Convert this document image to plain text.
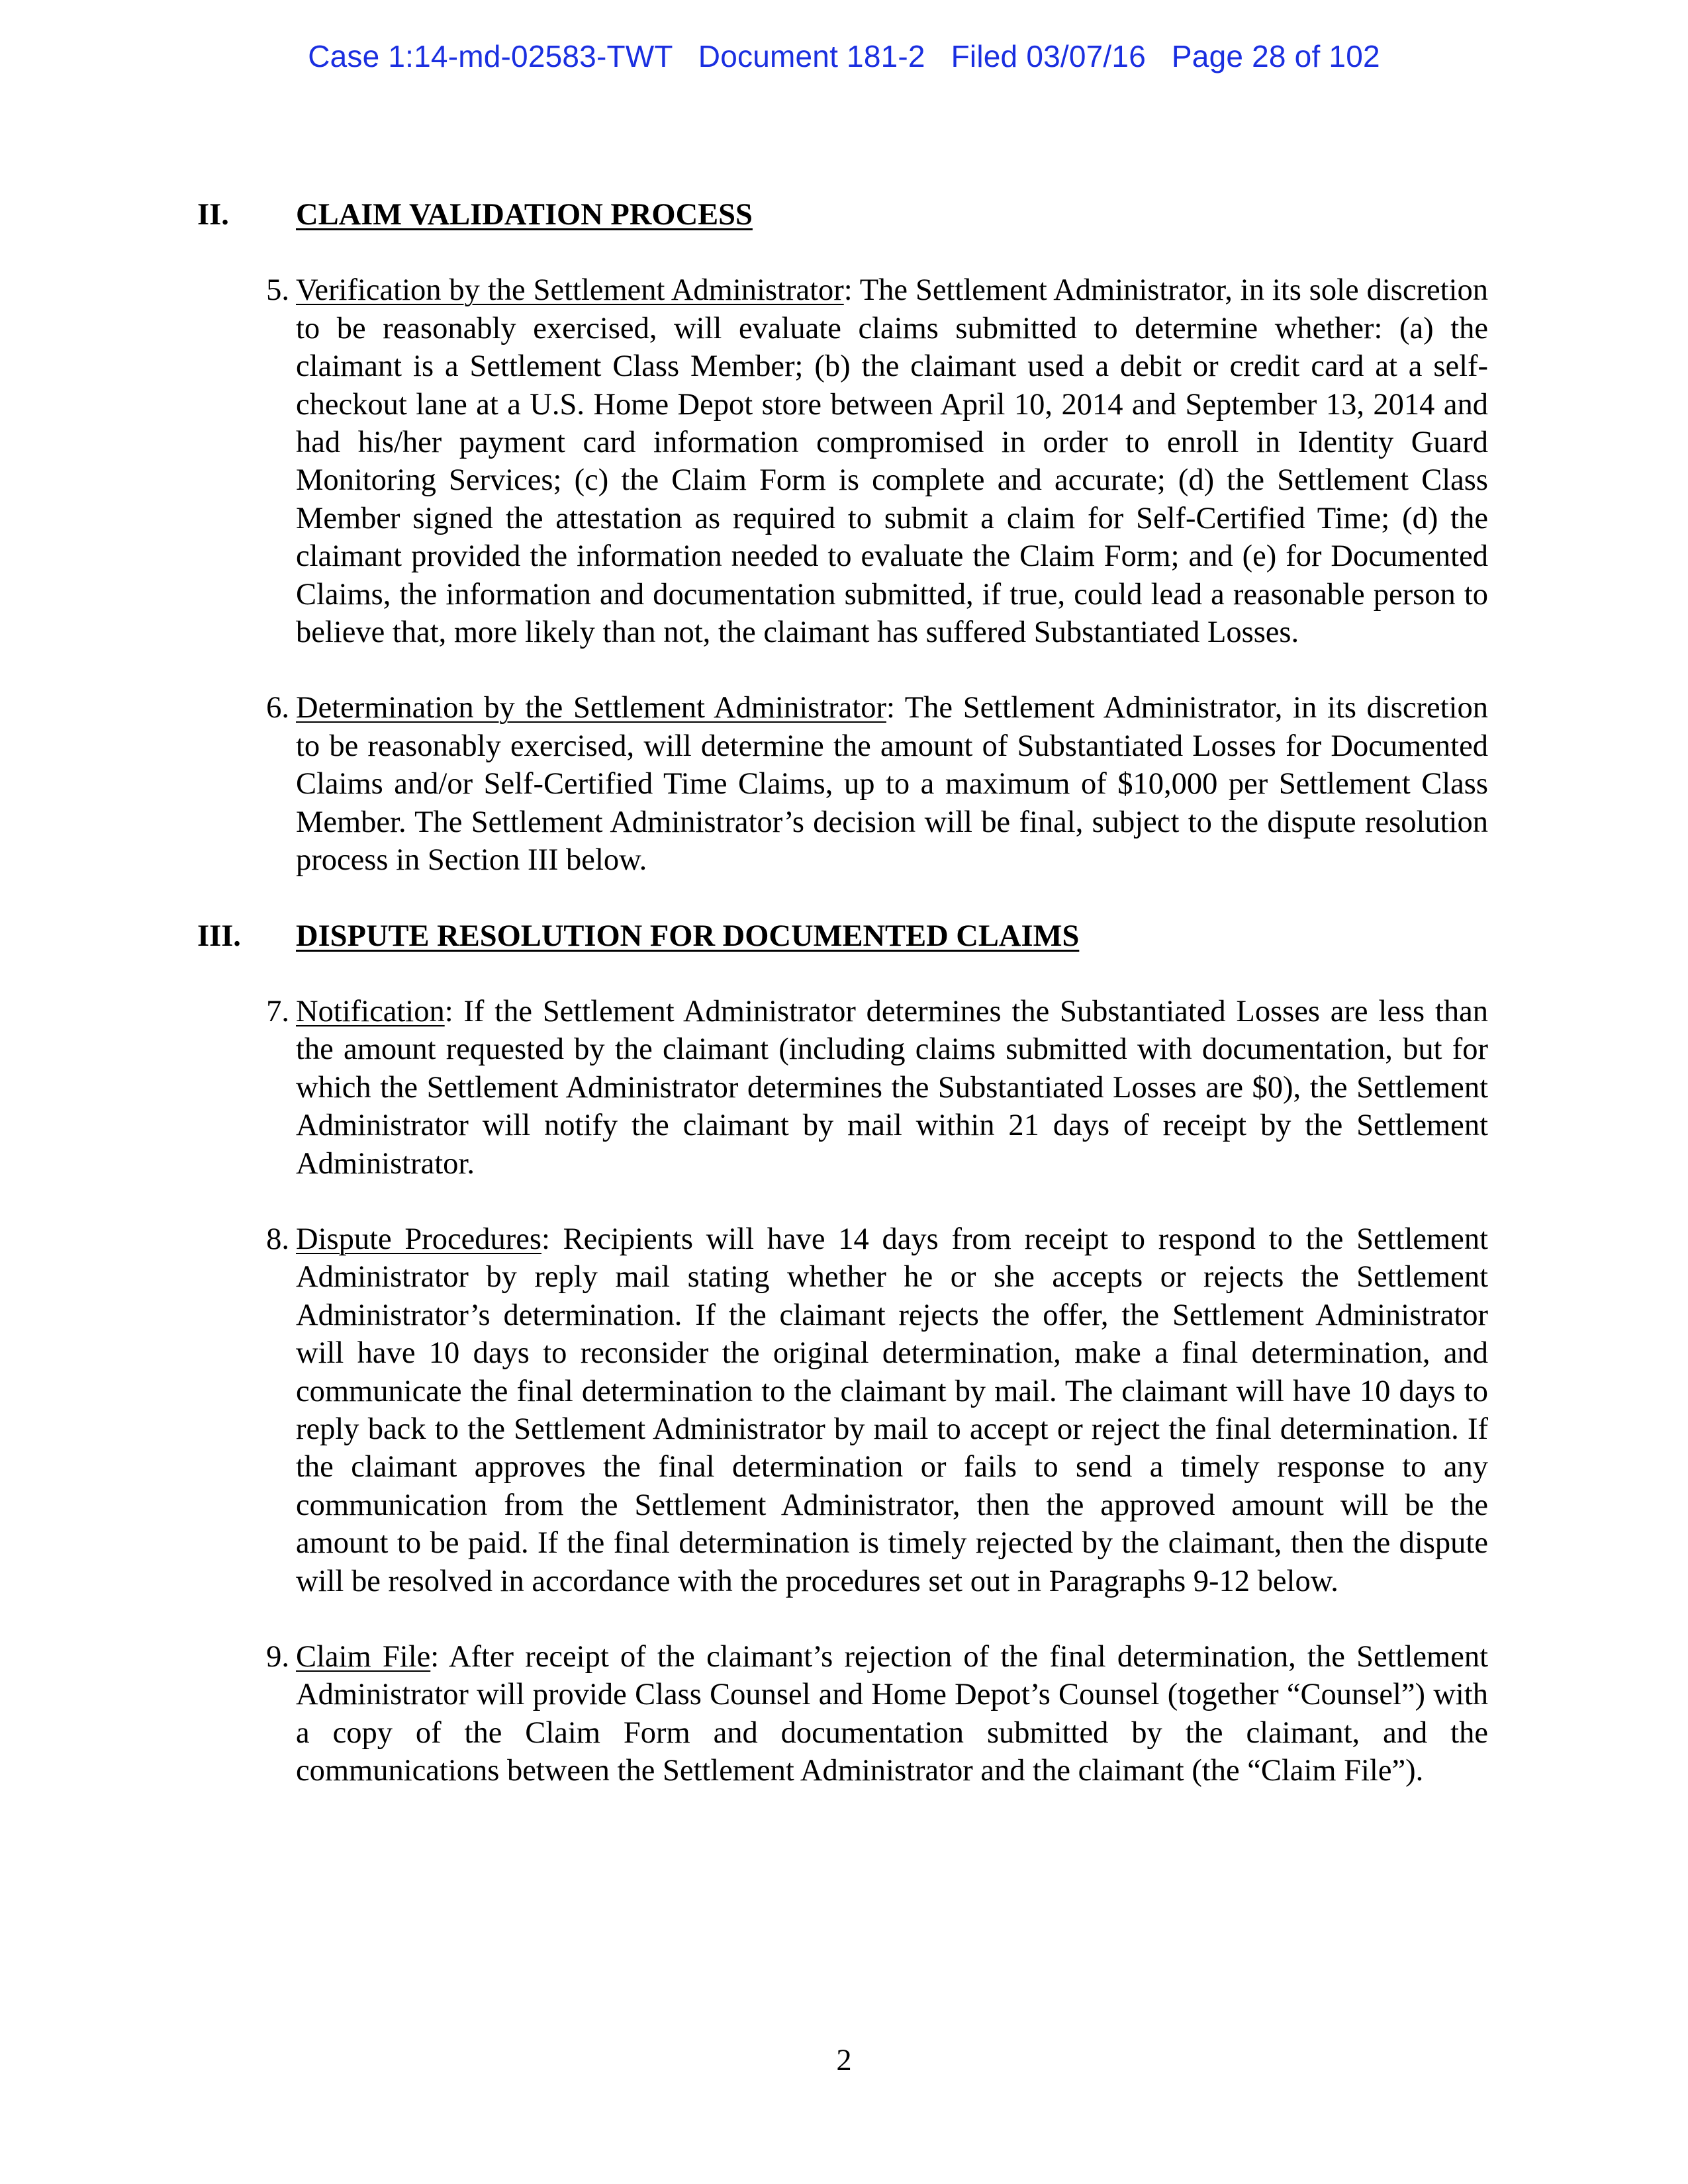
Case 1:14-md-02583-TWT   Document 181-2   Filed 03/07/16   Page 28 of 102
II.	CLAIM VALIDATION PROCESS
5. Verification by the Settlement Administrator: The Settlement Administrator, in its sole discretion to be reasonably exercised, will evaluate claims submitted to determine whether: (a) the claimant is a Settlement Class Member; (b) the claimant used a debit or credit card at a self-checkout lane at a U.S. Home Depot store between April 10, 2014 and September 13, 2014 and had his/her payment card information compromised in order to enroll in Identity Guard Monitoring Services; (c) the Claim Form is complete and accurate; (d) the Settlement Class Member signed the attestation as required to submit a claim for Self-Certified Time; (d) the claimant provided the information needed to evaluate the Claim Form; and (e) for Documented Claims, the information and documentation submitted, if true, could lead a reasonable person to believe that, more likely than not, the claimant has suffered Substantiated Losses.

6. Determination by the Settlement Administrator: The Settlement Administrator, in its discretion to be reasonably exercised, will determine the amount of Substantiated Losses for Documented Claims and/or Self-Certified Time Claims, up to a maximum of $10,000 per Settlement Class Member. The Settlement Administrator’s decision will be final, subject to the dispute resolution process in Section III below.

III.	DISPUTE RESOLUTION FOR DOCUMENTED CLAIMS
7. Notification: If the Settlement Administrator determines the Substantiated Losses are less than the amount requested by the claimant (including claims submitted with documentation, but for which the Settlement Administrator determines the Substantiated Losses are $0), the Settlement Administrator will notify the claimant by mail within 21 days of receipt by the Settlement Administrator.

8. Dispute Procedures: Recipients will have 14 days from receipt to respond to the Settlement Administrator by reply mail stating whether he or she accepts or rejects the Settlement Administrator’s determination. If the claimant rejects the offer, the Settlement Administrator will have 10 days to reconsider the original determination, make a final determination, and communicate the final determination to the claimant by mail. The claimant will have 10 days to reply back to the Settlement Administrator by mail to accept or reject the final determination. If the claimant approves the final determination or fails to send a timely response to any communication from the Settlement Administrator, then the approved amount will be the amount to be paid. If the final determination is timely rejected by the claimant, then the dispute will be resolved in accordance with the procedures set out in Paragraphs 9-12 below.

9. Claim File: After receipt of the claimant’s rejection of the final determination, the Settlement Administrator will provide Class Counsel and Home Depot’s Counsel (together “Counsel”) with a copy of the Claim Form and documentation submitted by the claimant, and the communications between the Settlement Administrator and the claimant (the “Claim File”).

2
